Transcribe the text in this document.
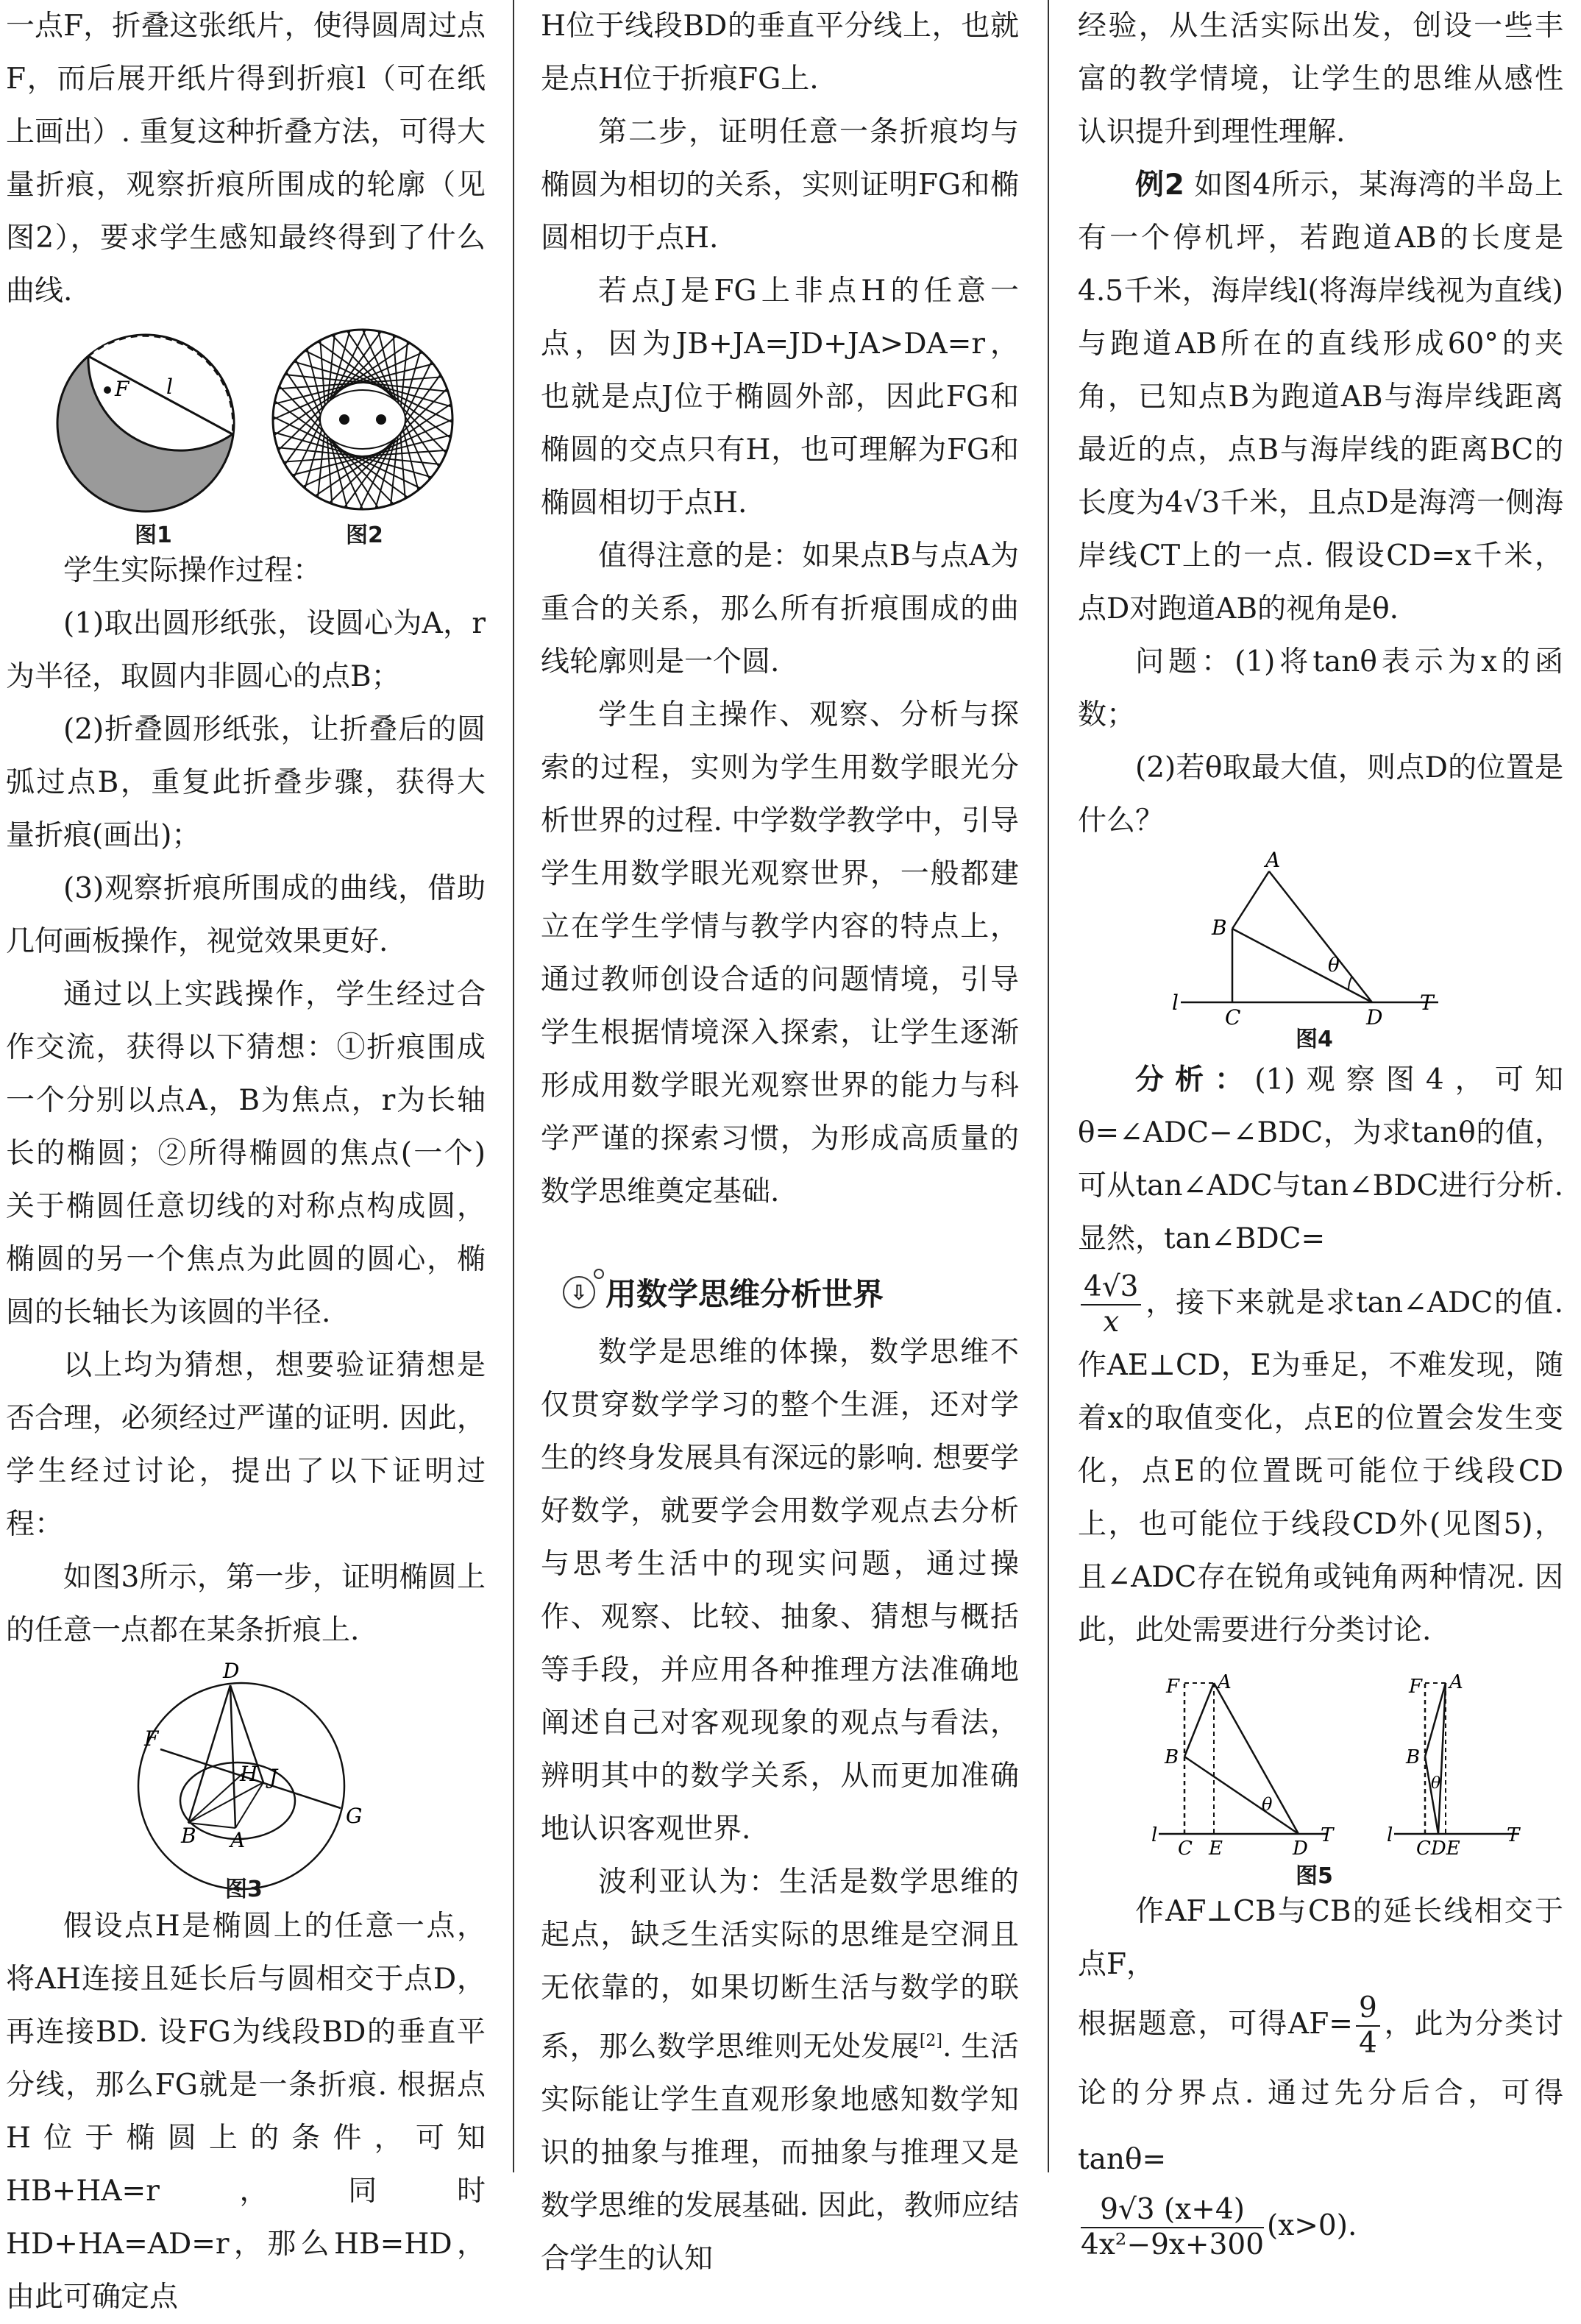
一点F，折叠这张纸片，使得圆周过点F，而后展开纸片得到折痕l（可在纸上画出）. 重复这种折叠方法，可得大量折痕，观察折痕所围成的轮廓（见图2），要求学生感知最终得到了什么曲线.

F l
图1	图2

学生实际操作过程：

(1)取出圆形纸张，设圆心为A，r为半径，取圆内非圆心的点B；

(2)折叠圆形纸张，让折叠后的圆弧过点B，重复此折叠步骤，获得大量折痕(画出)；

(3)观察折痕所围成的曲线，借助几何画板操作，视觉效果更好.

通过以上实践操作，学生经过合作交流，获得以下猜想：①折痕围成一个分别以点A，B为焦点，r为长轴长的椭圆；②所得椭圆的焦点(一个)关于椭圆任意切线的对称点构成圆，椭圆的另一个焦点为此圆的圆心，椭圆的长轴长为该圆的半径.

以上均为猜想，想要验证猜想是否合理，必须经过严谨的证明. 因此，学生经过讨论，提出了以下证明过程：

如图3所示，第一步，证明椭圆上的任意一点都在某条折痕上.

D
F
H J
B A
G
图3

假设点H是椭圆上的任意一点，将AH连接且延长后与圆相交于点D，再连接BD. 设FG为线段BD的垂直平分线，那么FG就是一条折痕. 根据点H位于椭圆上的条件，可知HB+HA=r，同时HD+HA=AD=r，那么HB=HD，由此可确定点

H位于线段BD的垂直平分线上，也就是点H位于折痕FG上.

第二步，证明任意一条折痕均与椭圆为相切的关系，实则证明FG和椭圆相切于点H.

若点J是FG上非点H的任意一点，因为JB+JA=JD+JA>DA=r，也就是点J位于椭圆外部，因此FG和椭圆的交点只有H，也可理解为FG和椭圆相切于点H.

值得注意的是：如果点B与点A为重合的关系，那么所有折痕围成的曲线轮廓则是一个圆.

学生自主操作、观察、分析与探索的过程，实则为学生用数学眼光分析世界的过程. 中学数学教学中，引导学生用数学眼光观察世界，一般都建立在学生学情与教学内容的特点上，通过教师创设合适的问题情境，引导学生根据情境深入探索，让学生逐渐形成用数学眼光观察世界的能力与科学严谨的探索习惯，为形成高质量的数学思维奠定基础.

⇩ 用数学思维分析世界

数学是思维的体操，数学思维不仅贯穿数学学习的整个生涯，还对学生的终身发展具有深远的影响. 想要学好数学，就要学会用数学观点去分析与思考生活中的现实问题，通过操作、观察、比较、抽象、猜想与概括等手段，并应用各种推理方法准确地阐述自己对客观现象的观点与看法，辨明其中的数学关系，从而更加准确地认识客观世界.

波利亚认为：生活是数学思维的起点，缺乏生活实际的思维是空洞且无依靠的，如果切断生活与数学的联系，那么数学思维则无处发展[2]. 生活实际能让学生直观形象地感知数学知识的抽象与推理，而抽象与推理又是数学思维的发展基础. 因此，教师应结合学生的认知

经验，从生活实际出发，创设一些丰富的教学情境，让学生的思维从感性认识提升到理性理解.

例2 如图4所示，某海湾的半岛上有一个停机坪，若跑道AB的长度是4.5千米，海岸线l(将海岸线视为直线)与跑道AB所在的直线形成60°的夹角，已知点B为跑道AB与海岸线距离最近的点，点B与海岸线的距离BC的长度为4√3千米，且点D是海湾一侧海岸线CT上的一点. 假设CD=x千米，点D对跑道AB的视角是θ.

问题：(1)将tanθ表示为x的函数；

(2)若θ取最大值，则点D的位置是什么？

A
B
C	D
T
l
θ
图4

分析：(1)观察图4，可知θ=∠ADC−∠BDC，为求tanθ的值，可从tan∠ADC与tan∠BDC进行分析. 显然，tan∠BDC=

$\frac{4√3}{x}$ ，接下来就是求tan∠ADC的值. 作AE⊥CD，E为垂足，不难发现，随着x的取值变化，点E的位置会发生变化，点E的位置既可能位于线段CD上，也可能位于线段CD外(见图5)，且∠ADC存在锐角或钝角两种情况. 因此，此处需要进行分类讨论.

F A
B
l
C E	D
T
θ
F A
B
l
CDE
T
θ
图5

作AF⊥CB与CB的延长线相交于点F，

根据题意，可得$AF= \frac{9}{4}$ ，此为分类讨论的分界点. 通过先分后合，可得tanθ=

$\frac{9√3 (x+4)}{\text{4x²−9x+300}} (x>0)$.
